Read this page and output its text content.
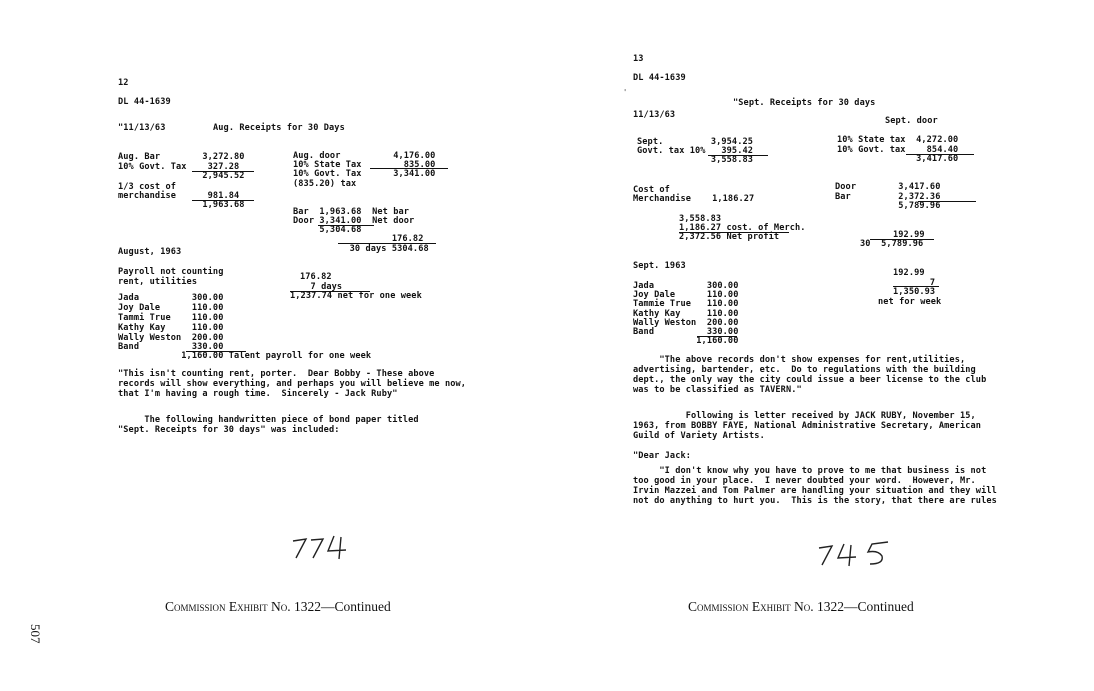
507
12
DL 44-1639
"11/13/63	Aug. Receipts for 30 Days
Aug. Bar        3,272.80
10% Govt. Tax    327.28
2,945.52
1/3 cost of
merchandise      981.84
1,963.68
Aug. door          4,176.00
10% State Tax        835.00
10% Govt. Tax      3,341.00
(835.20) tax
Bar  1,963.68  Net bar
Door 3,341.00  Net door
5,304.68
176.82
30 days 5304.68
August, 1963
Payroll not counting
rent, utilities	176.82
7 days
1,237.74 net for one week
Jada          300.00
Joy Dale      110.00
Tammi True    110.00
Kathy Kay     110.00
Wally Weston  200.00
Band          330.00
1,160.00 Talent payroll for one week
"This isn't counting rent, porter.  Dear Bobby - These above
records will show everything, and perhaps you will believe me now,
that I'm having a rough time.  Sincerely - Jack Ruby"
The following handwritten piece of bond paper titled
"Sept. Receipts for 30 days" was included:
Commission Exhibit No. 1322—Continued
13
DL 44-1639
'
"Sept. Receipts for 30 days
11/13/63
Sept. door
Sept.         3,954.25
Govt. tax 10%   395.42
3,558.83
10% State tax  4,272.00
10% Govt. tax    854.40
3,417.60
Cost of
Merchandise    1,186.27
Door        3,417.60
Bar         2,372.36
5,789.96
3,558.83
1,186.27 cost. of Merch.
2,372.56 Net profit	192.99
30  5,789.96
Sept. 1963
192.99
7
1,350.93
net for week
Jada          300.00
Joy Dale      110.00
Tammie True   110.00
Kathy Kay     110.00
Wally Weston  200.00
Band          330.00
1,160.00
"The above records don't show expenses for rent,utilities,
advertising, bartender, etc.  Do to regulations with the building
dept., the only way the city could issue a beer license to the club
was to be classified as TAVERN."
Following is letter received by JACK RUBY, November 15,
1963, from BOBBY FAYE, National Administrative Secretary, American
Guild of Variety Artists.
"Dear Jack:
"I don't know why you have to prove to me that business is not
too good in your place.  I never doubted your word.  However, Mr.
Irvin Mazzei and Tom Palmer are handling your situation and they will
not do anything to hurt you.  This is the story, that there are rules
Commission Exhibit No. 1322—Continued
